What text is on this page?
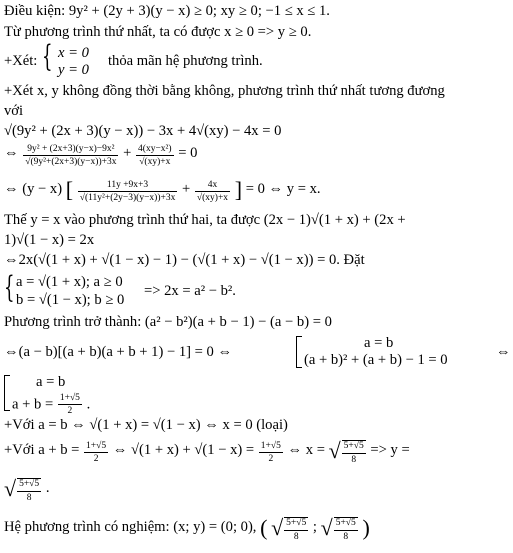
Điều kiện: 9y² + (2y + 3)(y − x) ≥ 0; xy ≥ 0; −1 ≤ x ≤ 1.
Từ phương trình thứ nhất, ta có được x ≥ 0 => y ≥ 0.
+Xét: { x = 0
y = 0
thỏa mãn hệ phương trình.
+Xét x, y không đồng thời bằng không, phương trình thứ nhất tương đương
với
√(9y² + (2x + 3)(y − x)) − 3x + 4√(xy) − 4x = 0
⇔ $\frac{\text{9y² + (2x+3)(y−x)−9x²}}{\text{√(9y²+(2x+3)(y−x))+3x}} + \frac{\text{4(xy−x²)}}{√(xy)+x} = 0$
⇔ (y − x) [ $\frac{11y +9x+3}{\text{√(11y²+(2y−3)(y−x))+3x}} + \frac{4x}{√(xy)+x}$ ] = 0 ⇔ y = x.
Thế y = x vào phương trình thứ hai, ta được (2x − 1)√(1 + x) + (2x +
1)√(1 − x) = 2x
⇔2x(√(1 + x) + √(1 − x) − 1) − (√(1 + x) − √(1 − x)) = 0. Đặt
{ a = √(1 + x); a ≥ 0
b = √(1 − x); b ≥ 0
=> 2x = a² − b².
Phương trình trở thành: (a² − b²)(a + b − 1) − (a − b) = 0
⇔(a − b)[(a + b)(a + b + 1) − 1] = 0 ⇔
a = b
(a + b)² + (a + b) − 1 = 0	⇔
a = b
$a + b = \frac{1+√5}{2}$ .
+Với a = b ⇔ √(1 + x) = √(1 − x) ⇔ x = 0 (loại)
+Với $a + b = \frac{1+√5}{2}$ ⇔ $√(1 + x) + √(1 - x) = \frac{1+√5}{2}$ ⇔ x = √ $\frac{5+√5}{8} => y$ =
√ $\frac{5+√5}{8}$ .
Hệ phương trình có nghiệm: (x; y) = (0; 0), ( √ $\frac{5+√5}{8}$ ; √ $\frac{5+√5}{8}$ )
